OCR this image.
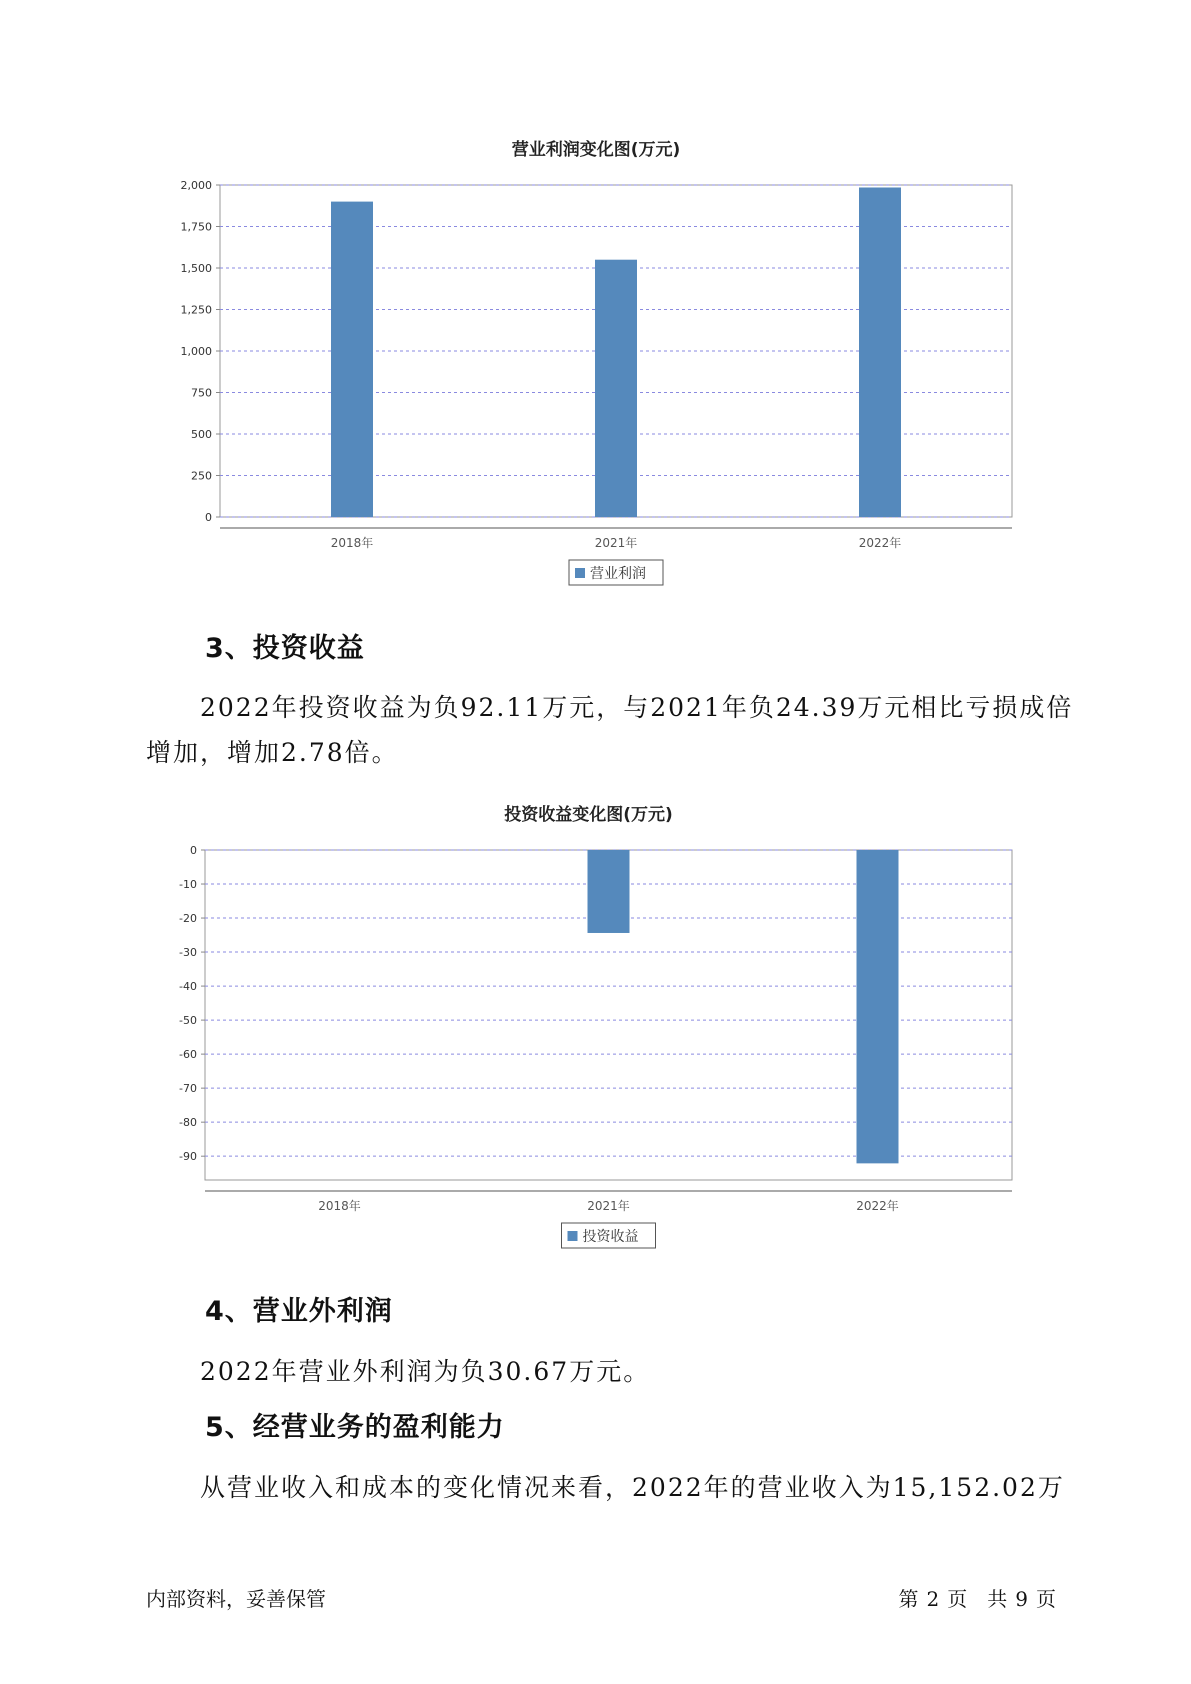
营业利润变化图(万元)
0
250
500
750
1,000
1,250
1,500
1,750
2,000
2018年	2021年	2022年
营业利润
3、投资收益
2022年投资收益为负92.11万元，与2021年负24.39万元相比亏损成倍
增加，增加2.78倍。
投资收益变化图(万元)
0
-10
-20
-30
-40
-50
-60
-70
-80
-90
2018年	2021年	2022年
投资收益
4、营业外利润
2022年营业外利润为负30.67万元。
5、经营业务的盈利能力
从营业收入和成本的变化情况来看，2022年的营业收入为15,152.02万
内部资料，妥善保管	第 2 页　共 9 页
